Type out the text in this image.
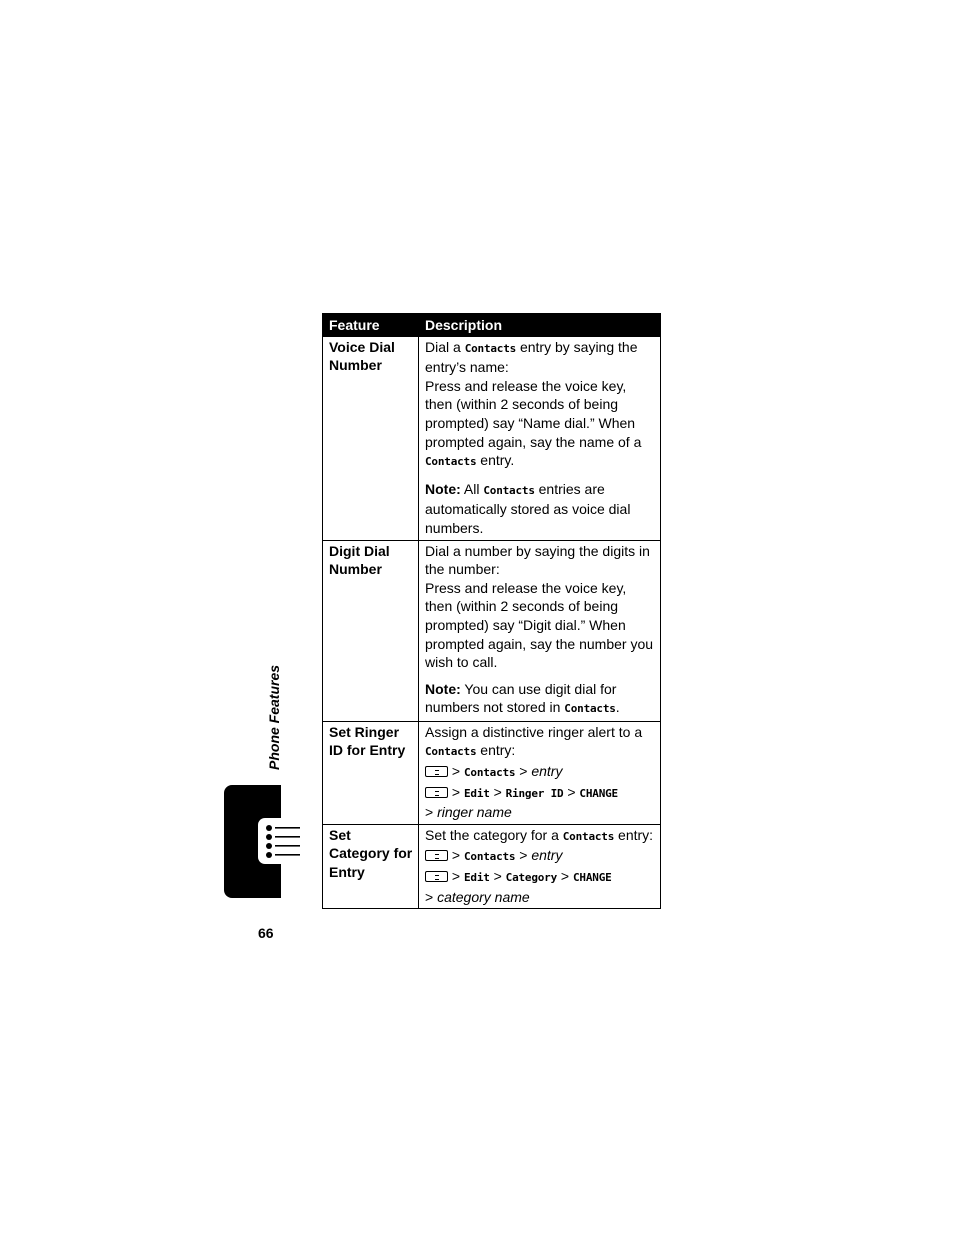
Feature	Description
Voice Dial Number	Dial a Contacts entry by saying the entry’s name:

Press and release the voice key, then (within 2 seconds of being prompted) say “Name dial.” When prompted again, say the name of a Contacts entry.

Note: All Contacts entries are automatically stored as voice dial numbers.

Digit Dial Number	Dial a number by saying the digits in the number:

Press and release the voice key, then (within 2 seconds of being prompted) say “Digit dial.” When prompted again, say the number you wish to call.

Note: You can use digit dial for numbers not stored in Contacts.

Set Ringer ID for Entry	Assign a distinctive ringer alert to a Contacts entry:

> Contacts > entry

> Edit > Ringer ID > CHANGE

> ringer name

Set Category for Entry	Set the category for a Contacts entry:

> Contacts > entry

> Edit > Category > CHANGE

> category name

Phone Features
66
